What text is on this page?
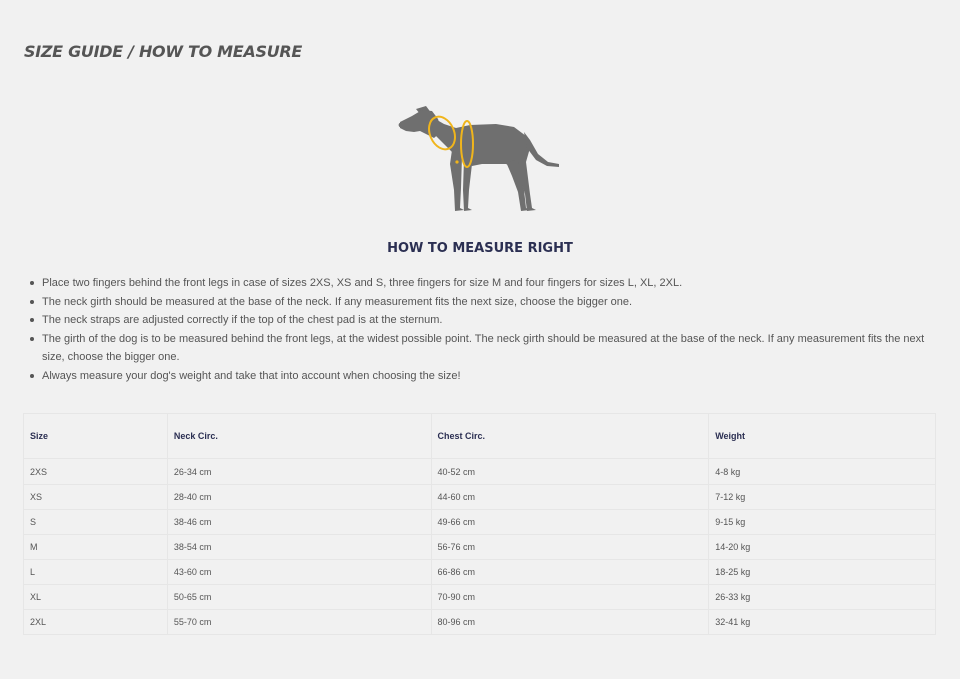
SIZE GUIDE / HOW TO MEASURE
HOW TO MEASURE RIGHT
Place two fingers behind the front legs in case of sizes 2XS, XS and S, three fingers for size M and four fingers for sizes L, XL, 2XL.
The neck girth should be measured at the base of the neck. If any measurement fits the next size, choose the bigger one.
The neck straps are adjusted correctly if the top of the chest pad is at the sternum.
The girth of the dog is to be measured behind the front legs, at the widest possible point. The neck girth should be measured at the base of the neck. If any measurement fits the next size, choose the bigger one.
Always measure your dog's weight and take that into account when choosing the size!
Size	Neck Circ.	Chest Circ.	Weight
2XS	26-34 cm	40-52 cm	4-8 kg
XS	28-40 cm	44-60 cm	7-12 kg
S	38-46 cm	49-66 cm	9-15 kg
M	38-54 cm	56-76 cm	14-20 kg
L	43-60 cm	66-86 cm	18-25 kg
XL	50-65 cm	70-90 cm	26-33 kg
2XL	55-70 cm	80-96 cm	32-41 kg
